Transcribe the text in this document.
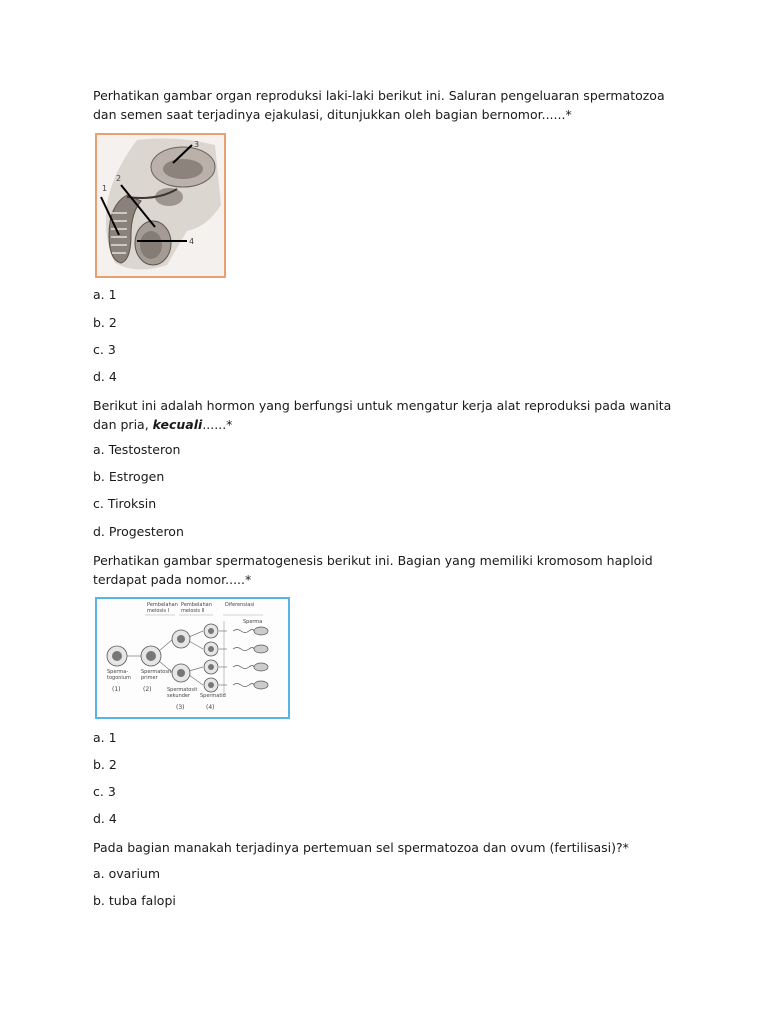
Perhatikan gambar organ reproduksi laki-laki berikut ini. Saluran pengeluaran spermatozoa dan semen saat terjadinya ejakulasi, ditunjukkan oleh bagian bernomor......*

1
2
3
4

a. 1

b. 2

c. 3

d. 4

Berikut ini adalah hormon yang berfungsi untuk mengatur kerja alat reproduksi pada wanita dan pria, kecuali......*

a. Testosteron

b. Estrogen

c. Tiroksin

d. Progesteron

Perhatikan gambar spermatogenesis berikut ini. Bagian yang memiliki kromosom haploid terdapat pada nomor.....*

Pembelahan
meiosis I
Pembelahan
meiosis II
Diferensiasi
Sperma
Sperma-
togonium
Spermatosit
primer
Spermatosit
sekunder Spermatid
(1)	(2)
(3)	(4)

a. 1

b. 2

c. 3

d. 4

Pada bagian manakah terjadinya pertemuan sel spermatozoa dan ovum (fertilisasi)?*

a. ovarium

b. tuba falopi
